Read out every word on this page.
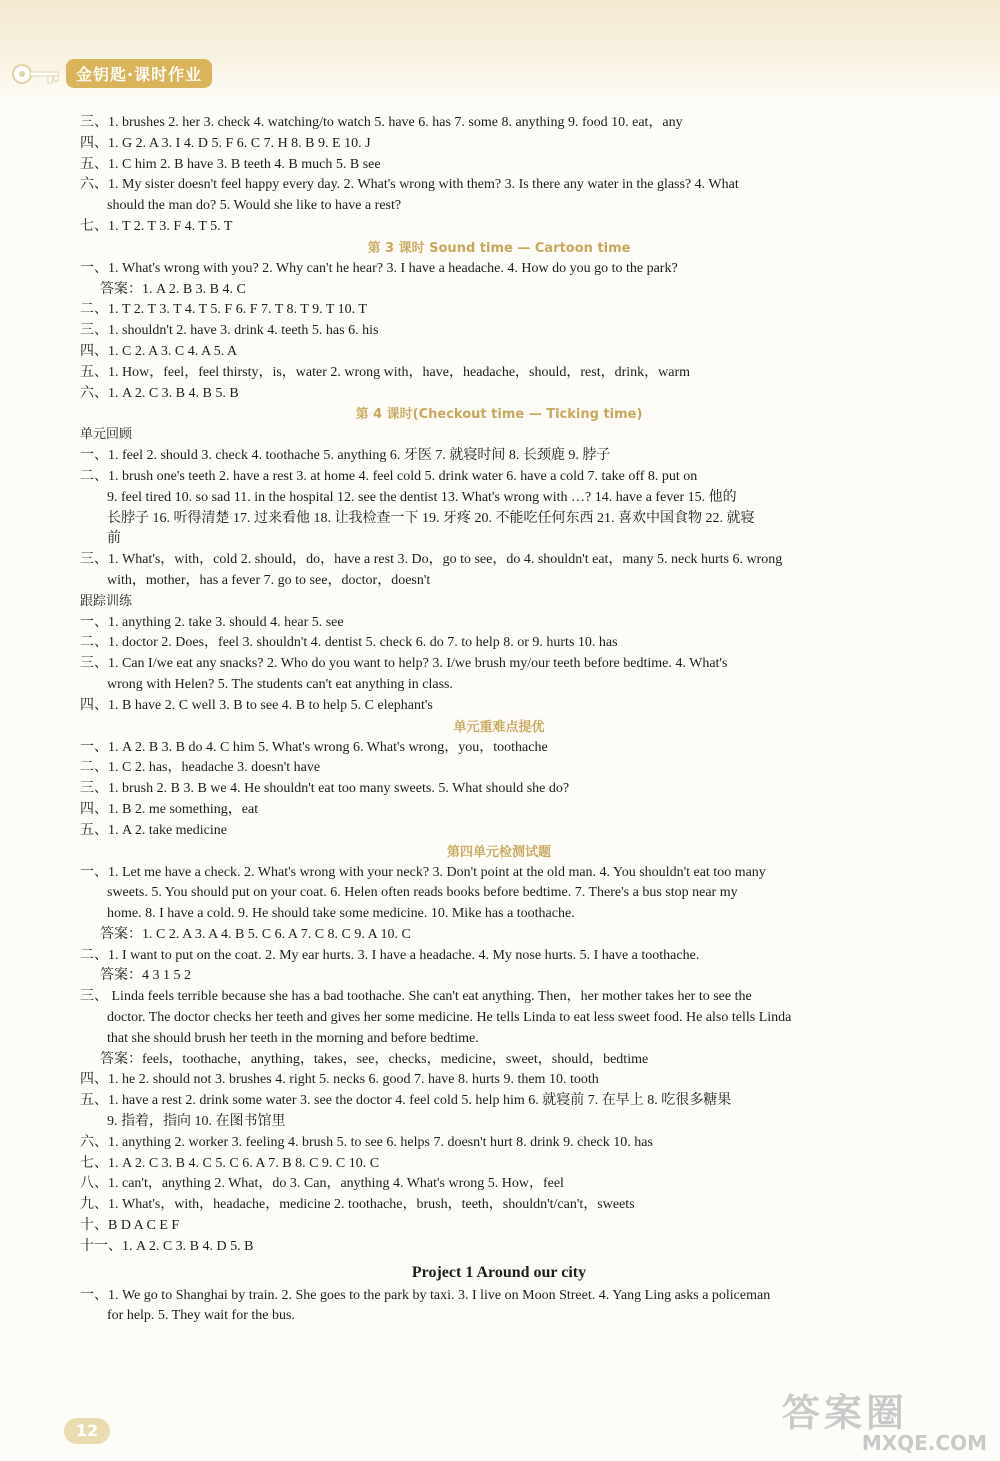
金钥匙·课时作业
三、1. brushes 2. her 3. check 4. watching/to watch 5. have 6. has 7. some 8. anything 9. food 10. eat，any
四、1. G 2. A 3. I 4. D 5. F 6. C 7. H 8. B 9. E 10. J
五、1. C him 2. B have 3. B teeth 4. B much 5. B see
六、1. My sister doesn't feel happy every day. 2. What's wrong with them? 3. Is there any water in the glass? 4. What
should the man do? 5. Would she like to have a rest?
七、1. T 2. T 3. F 4. T 5. T
第 3 课时 Sound time — Cartoon time
一、1. What's wrong with you? 2. Why can't he hear? 3. I have a headache. 4. How do you go to the park?
答案：1. A 2. B 3. B 4. C
二、1. T 2. T 3. T 4. T 5. F 6. F 7. T 8. T 9. T 10. T
三、1. shouldn't 2. have 3. drink 4. teeth 5. has 6. his
四、1. C 2. A 3. C 4. A 5. A
五、1. How，feel，feel thirsty，is，water 2. wrong with，have，headache，should，rest，drink，warm
六、1. A 2. C 3. B 4. B 5. B
第 4 课时(Checkout time — Ticking time)
单元回顾
一、1. feel 2. should 3. check 4. toothache 5. anything 6. 牙医 7. 就寝时间 8. 长颈鹿 9. 脖子
二、1. brush one's teeth 2. have a rest 3. at home 4. feel cold 5. drink water 6. have a cold 7. take off 8. put on
9. feel tired 10. so sad 11. in the hospital 12. see the dentist 13. What's wrong with …? 14. have a fever 15. 他的
长脖子 16. 听得清楚 17. 过来看他 18. 让我检查一下 19. 牙疼 20. 不能吃任何东西 21. 喜欢中国食物 22. 就寝
前
三、1. What's，with，cold 2. should，do，have a rest 3. Do，go to see，do 4. shouldn't eat，many 5. neck hurts 6. wrong
with，mother，has a fever 7. go to see，doctor，doesn't
跟踪训练
一、1. anything 2. take 3. should 4. hear 5. see
二、1. doctor 2. Does，feel 3. shouldn't 4. dentist 5. check 6. do 7. to help 8. or 9. hurts 10. has
三、1. Can I/we eat any snacks? 2. Who do you want to help? 3. I/we brush my/our teeth before bedtime. 4. What's
wrong with Helen? 5. The students can't eat anything in class.
四、1. B have 2. C well 3. B to see 4. B to help 5. C elephant's
单元重难点提优
一、1. A 2. B 3. B do 4. C him 5. What's wrong 6. What's wrong，you，toothache
二、1. C 2. has，headache 3. doesn't have
三、1. brush 2. B 3. B we 4. He shouldn't eat too many sweets. 5. What should she do?
四、1. B 2. me something，eat
五、1. A 2. take medicine
第四单元检测试题
一、1. Let me have a check. 2. What's wrong with your neck? 3. Don't point at the old man. 4. You shouldn't eat too many
sweets. 5. You should put on your coat. 6. Helen often reads books before bedtime. 7. There's a bus stop near my
home. 8. I have a cold. 9. He should take some medicine. 10. Mike has a toothache.
答案：1. C 2. A 3. A 4. B 5. C 6. A 7. C 8. C 9. A 10. C
二、1. I want to put on the coat. 2. My ear hurts. 3. I have a headache. 4. My nose hurts. 5. I have a toothache.
答案：4 3 1 5 2
三、 Linda feels terrible because she has a bad toothache. She can't eat anything. Then，her mother takes her to see the
doctor. The doctor checks her teeth and gives her some medicine. He tells Linda to eat less sweet food. He also tells Linda
that she should brush her teeth in the morning and before bedtime.
答案：feels，toothache，anything，takes，see，checks，medicine，sweet，should，bedtime
四、1. he 2. should not 3. brushes 4. right 5. necks 6. good 7. have 8. hurts 9. them 10. tooth
五、1. have a rest 2. drink some water 3. see the doctor 4. feel cold 5. help him 6. 就寝前 7. 在早上 8. 吃很多糖果
9. 指着，指向 10. 在图书馆里
六、1. anything 2. worker 3. feeling 4. brush 5. to see 6. helps 7. doesn't hurt 8. drink 9. check 10. has
七、1. A 2. C 3. B 4. C 5. C 6. A 7. B 8. C 9. C 10. C
八、1. can't，anything 2. What，do 3. Can，anything 4. What's wrong 5. How，feel
九、1. What's，with，headache，medicine 2. toothache，brush，teeth，shouldn't/can't，sweets
十、B D A C E F
十一、1. A 2. C 3. B 4. D 5. B
Project 1 Around our city
一、1. We go to Shanghai by train. 2. She goes to the park by taxi. 3. I live on Moon Street. 4. Yang Ling asks a policeman
for help. 5. They wait for the bus.
12	答案圈
MXQE.COM
